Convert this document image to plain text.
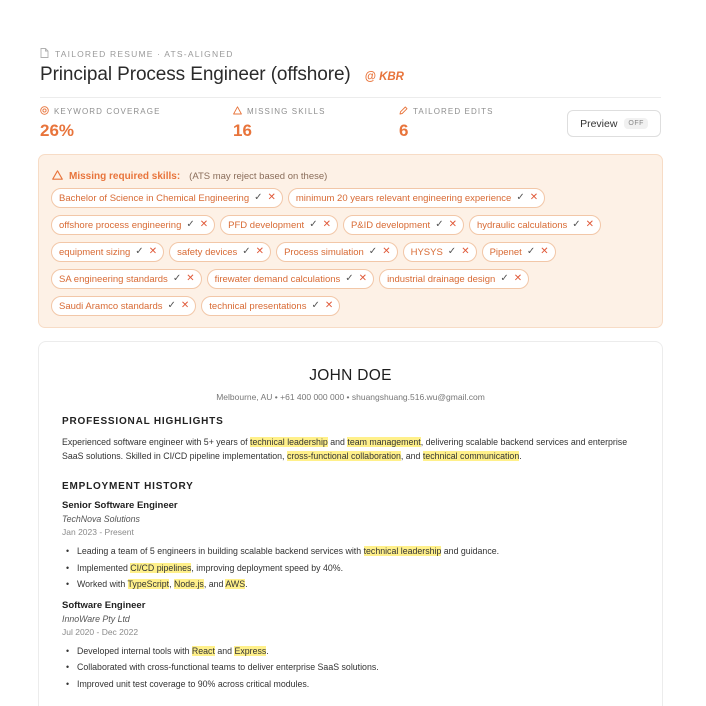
TAILORED RESUME · ATS-ALIGNED
Principal Process Engineer (offshore) @ KBR
KEYWORD COVERAGE
26%
MISSING SKILLS
16
TAILORED EDITS
6	Preview	OFF
Missing required skills: (ATS may reject based on these)
Bachelor of Science in Chemical Engineering ✓ ✕ minimum 20 years relevant engineering experience ✓ ✕
offshore process engineering ✓ ✕ PFD development ✓ ✕ P&ID development ✓ ✕ hydraulic calculations ✓ ✕
equipment sizing ✓ ✕ safety devices ✓ ✕ Process simulation ✓ ✕ HYSYS ✓ ✕ Pipenet ✓ ✕
SA engineering standards ✓ ✕ firewater demand calculations ✓ ✕ industrial drainage design ✓ ✕
Saudi Aramco standards ✓ ✕ technical presentations ✓ ✕
JOHN DOE
Melbourne, AU • +61 400 000 000 • shuangshuang.516.wu@gmail.com
PROFESSIONAL HIGHLIGHTS
Experienced software engineer with 5+ years of technical leadership and team management, delivering scalable backend services and enterprise SaaS solutions. Skilled in CI/CD pipeline implementation, cross-functional collaboration, and technical communication.
EMPLOYMENT HISTORY
Senior Software Engineer
TechNova Solutions
Jan 2023 - Present
• Leading a team of 5 engineers in building scalable backend services with technical leadership and guidance.
• Implemented CI/CD pipelines, improving deployment speed by 40%.
• Worked with TypeScript, Node.js, and AWS.
Software Engineer
InnoWare Pty Ltd
Jul 2020 - Dec 2022
• Developed internal tools with React and Express.
• Collaborated with cross-functional teams to deliver enterprise SaaS solutions.
• Improved unit test coverage to 90% across critical modules.
